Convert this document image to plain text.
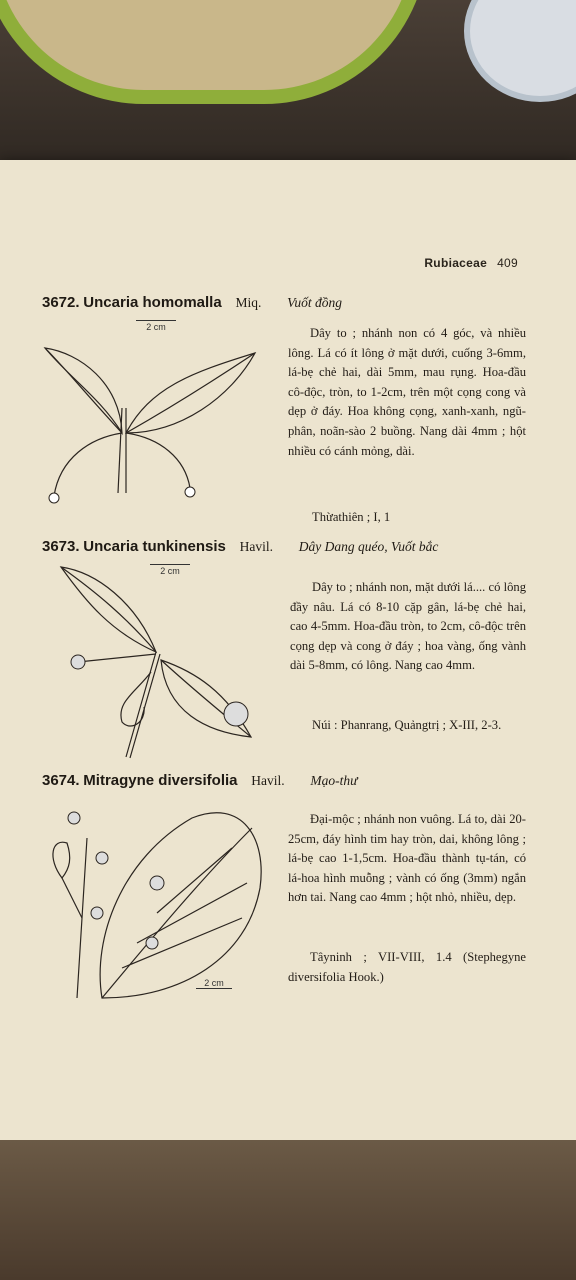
Rubiaceae 409
3672. Uncaria homomalla Miq. Vuốt đồng
2 cm	Dây to ; nhánh non có 4 góc, và nhiều lông. Lá có ít lông ở mặt dưới, cuống 3-6mm, lá-bẹ chẻ hai, dài 5mm, mau rụng. Hoa-đầu cô-độc, tròn, to 1-2cm, trên một cọng cong và dẹp ở đáy. Hoa không cọng, xanh-xanh, ngũ-phân, noãn-sào 2 buồng. Nang dài 4mm ; hột nhiều có cánh mỏng, dài.

Thừathiên ; I, 1
3673. Uncaria tunkinensis Havil. Dây Dang quéo, Vuốt bắc
2 cm

Dây to ; nhánh non, mặt dưới lá.... có lông đầy nâu. Lá có 8-10 cặp gân, lá-bẹ chẻ hai, cao 4-5mm. Hoa-đầu tròn, to 2cm, cô-độc trên cọng dẹp và cong ở đáy ; hoa vàng, ống vành dài 5-8mm, có lông. Nang cao 4mm.

Núi : Phanrang, Quảngtrị ; X-III, 2-3.

3674. Mitragyne diversifolia Havil. Mạo-thư
2 cm

Đại-mộc ; nhánh non vuông. Lá to, dài 20-25cm, đáy hình tim hay tròn, dai, không lông ; lá-bẹ cao 1-1,5cm. Hoa-đầu thành tụ-tán, có lá-hoa hình muỗng ; vành có ống (3mm) ngắn hơn tai. Nang cao 4mm ; hột nhỏ, nhiều, dẹp.

Tâyninh ; VII-VIII, 1.4 (Stephegyne diversifolia Hook.)
